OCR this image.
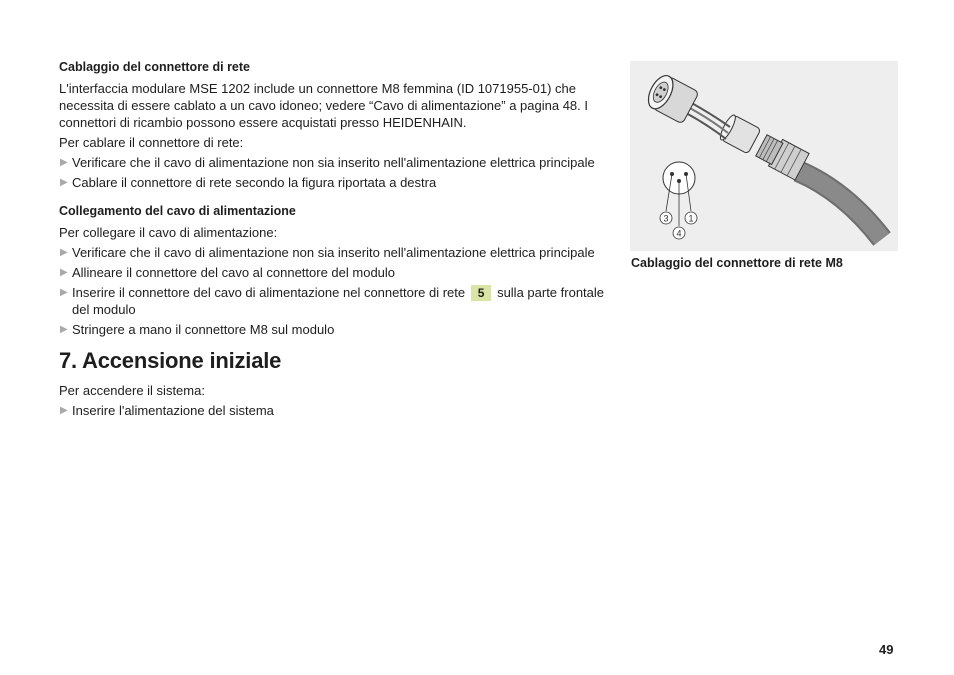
Cablaggio del connettore di rete
L'interfaccia modulare MSE 1202 include un connettore M8 femmina (ID 1071955-01) che necessita di essere cablato a un cavo idoneo; vedere “Cavo di alimentazione” a pagina 48. I connettori di ricambio possono essere acquistati presso HEIDENHAIN.
Per cablare il connettore di rete:
▶ Verificare che il cavo di alimentazione non sia inserito nell'alimentazione elettrica principale
▶ Cablare il connettore di rete secondo la figura riportata a destra
Collegamento del cavo di alimentazione
Per collegare il cavo di alimentazione:
▶ Verificare che il cavo di alimentazione non sia inserito nell'alimentazione elettrica principale
▶ Allineare il connettore del cavo al connettore del modulo
▶ Inserire il connettore del cavo di alimentazione nel connettore di rete 5 sulla parte frontale del modulo
▶ Stringere a mano il connettore M8 sul modulo
7. Accensione iniziale
Per accendere il sistema:
▶ Inserire l'alimentazione del sistema
3 1
4
Cablaggio del connettore di rete M8
49
